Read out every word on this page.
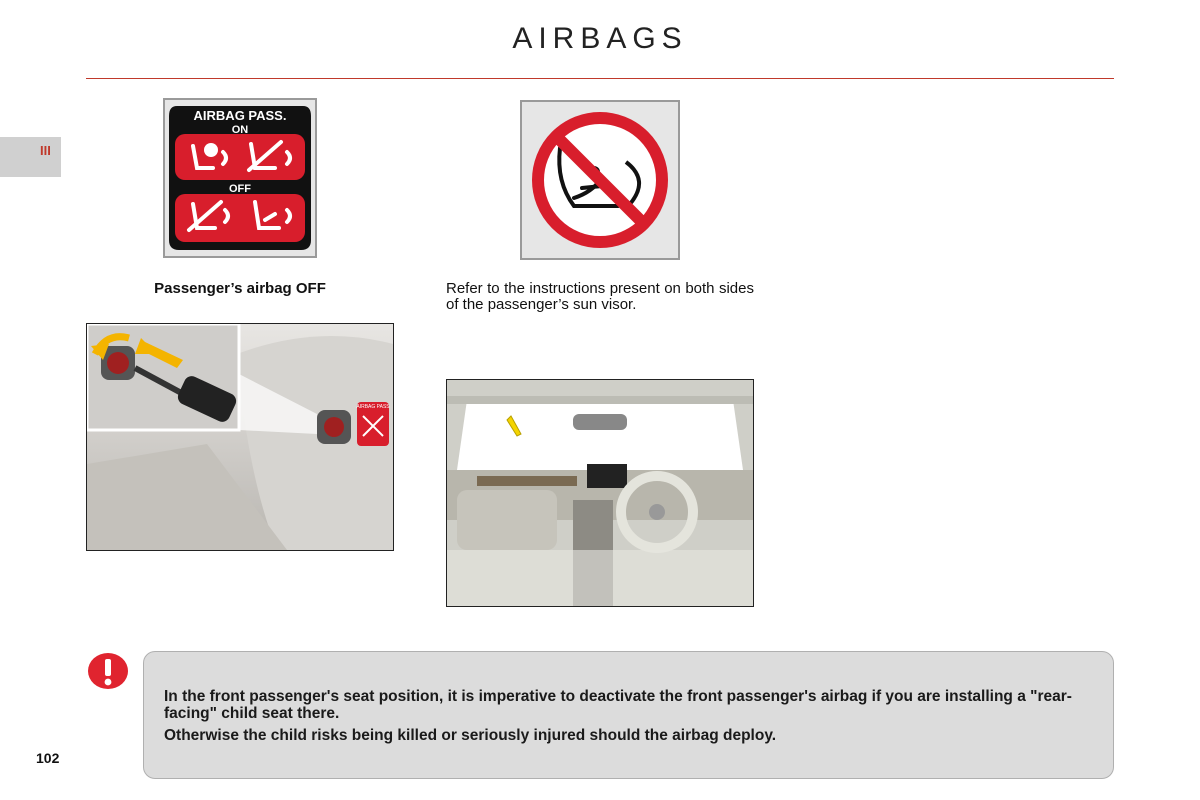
AIRBAGS
III
AIRBAG PASS.
ON
OFF
Passenger’s airbag OFF	Refer to the instructions present on both sides of the passenger’s sun visor.
AIRBAG PASS

In the front passenger's seat position, it is imperative to deactivate the front passenger's airbag if you are installing a "rear-facing" child seat there.

Otherwise the child risks being killed or seriously injured should the airbag deploy.

102
